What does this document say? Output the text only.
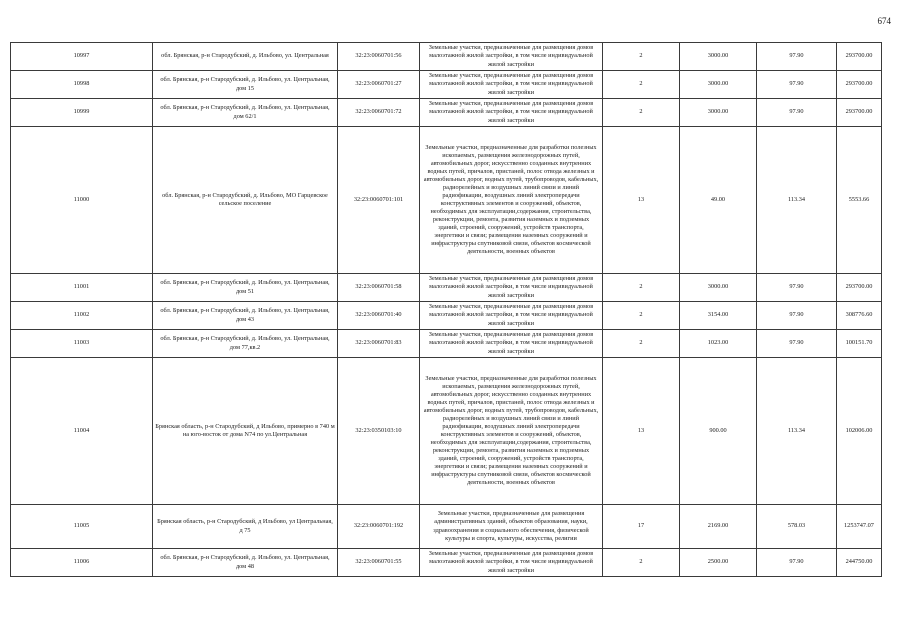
674
10997	обл. Брянская, р-н Стародубский, д. Ильбово, ул. Центральная	32:23:0060701:56	Земельные участки, предназначенные для размещения домов малоэтажной жилой застройки, в том числе индивидуальной жилой застройки	2	3000.00	97.90	293700.00
10998	обл. Брянская, р-н Стародубский, д. Ильбово, ул. Центральная, дом 15	32:23:0060701:27	Земельные участки, предназначенные для размещения домов малоэтажной жилой застройки, в том числе индивидуальной жилой застройки	2	3000.00	97.90	293700.00
10999	обл. Брянская, р-н Стародубский, д. Ильбово, ул. Центральная, дом 62/1	32:23:0060701:72	Земельные участки, предназначенные для размещения домов малоэтажной жилой застройки, в том числе индивидуальной жилой застройки	2	3000.00	97.90	293700.00
11000	обл. Брянская, р-н Стародубский, д. Ильбово, МО Гарцевское сельское поселение	32:23:0060701:101	Земельные участки, предназначенные для разработки полезных ископаемых, размещения железнодорожных путей, автомобильных дорог, искусственно созданных внутренних водных путей, причалов, пристаней, полос отвода железных и автомобильных дорог, водных путей, трубопроводов, кабельных, радиорелейных и воздушных линий связи и линий радиофикации, воздушных линий электропередачи конструктивных элементов и сооружений, объектов, необходимых для эксплуатации,содержания, строительства, реконструкции, ремонта, развития наземных и подземных зданий, строений, сооружений, устройств транспорта, энергетики и связи; размещения наземных сооружений и инфраструктуры спутниковой связи, объектов космической деятельности, военных объектов	13	49.00	113.34	5553.66
11001	обл. Брянская, р-н Стародубский, д. Ильбово, ул. Центральная, дом 51	32:23:0060701:58	Земельные участки, предназначенные для размещения домов малоэтажной жилой застройки, в том числе индивидуальной жилой застройки	2	3000.00	97.90	293700.00
11002	обл. Брянская, р-н Стародубский, д. Ильбово, ул. Центральная, дом 43	32:23:0060701:40	Земельные участки, предназначенные для размещения домов малоэтажной жилой застройки, в том числе индивидуальной жилой застройки	2	3154.00	97.90	308776.60
11003	обл. Брянская, р-н Стародубский, д. Ильбово, ул. Центральная, дом 77,кв.2	32:23:0060701:83	Земельные участки, предназначенные для размещения домов малоэтажной жилой застройки, в том числе индивидуальной жилой застройки	2	1023.00	97.90	100151.70
11004	Брянская область, р-н Стародубский, д Ильбово, примерно в 740 м на юго-восток от дома N74 по ул.Центральная	32:23:0350103:10	Земельные участки, предназначенные для разработки полезных ископаемых, размещения железнодорожных путей, автомобильных дорог, искусственно созданных внутренних водных путей, причалов, пристаней, полос отвода железных и автомобильных дорог, водных путей, трубопроводов, кабельных, радиорелейных и воздушных линий связи и линий радиофикации, воздушных линий электропередачи конструктивных элементов и сооружений, объектов, необходимых для эксплуатации,содержания, строительства, реконструкции, ремонта, развития наземных и подземных зданий, строений, сооружений, устройств транспорта, энергетики и связи; размещения наземных сооружений и инфраструктуры спутниковой связи, объектов космической деятельности, военных объектов	13	900.00	113.34	102006.00
11005	Брянская область, р-н Стародубский, д Ильбово, ул Центральная, д 75	32:23:0060701:192	Земельные участки, предназначенные для размещения административных зданий, объектов образования, науки, здравоохранения и социального обеспечения, физической культуры и спорта, культуры, искусства, религии	17	2169.00	578.03	1253747.07
11006	обл. Брянская, р-н Стародубский, д. Ильбово, ул. Центральная, дом 48	32:23:0060701:55	Земельные участки, предназначенные для размещения домов малоэтажной жилой застройки, в том числе индивидуальной жилой застройки	2	2500.00	97.90	244750.00
